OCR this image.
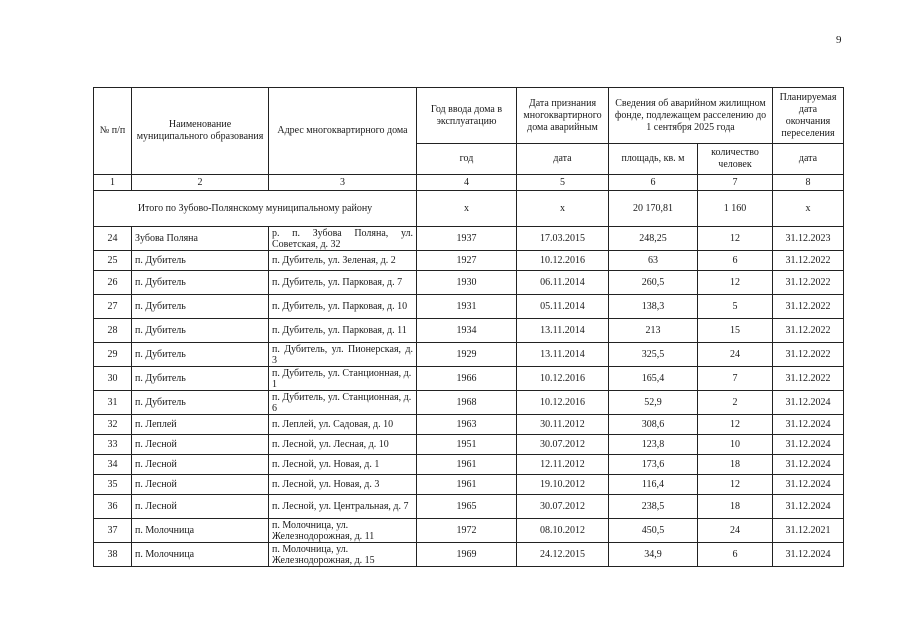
9
№ п/п	Наименование муниципального образования	Адрес многоквартирного дома	Год ввода дома в эксплуатацию	Дата признания многоквартирного дома аварийным	Сведения об аварийном жилищном фонде, подлежащем расселению до 1 сентября 2025 года		Планируемая дата окончания переселения
			год	дата	площадь, кв. м	количество человек	дата
1	2	3	4	5	6	7	8
Итого по Зубово-Полянскому муниципальному району			х	х	20 170,81	1 160	х
24	Зубова Поляна	р. п. Зубова Поляна, ул. Советская, д. 32	1937	17.03.2015	248,25	12	31.12.2023
25	п. Дубитель	п. Дубитель, ул. Зеленая, д. 2	1927	10.12.2016	63	6	31.12.2022
26	п. Дубитель	п. Дубитель, ул. Парковая, д. 7	1930	06.11.2014	260,5	12	31.12.2022
27	п. Дубитель	п. Дубитель, ул. Парковая, д. 10	1931	05.11.2014	138,3	5	31.12.2022
28	п. Дубитель	п. Дубитель, ул. Парковая, д. 11	1934	13.11.2014	213	15	31.12.2022
29	п. Дубитель	п. Дубитель, ул. Пионерская, д. 3	1929	13.11.2014	325,5	24	31.12.2022
30	п. Дубитель	п. Дубитель, ул. Станционная, д. 1	1966	10.12.2016	165,4	7	31.12.2022
31	п. Дубитель	п. Дубитель, ул. Станционная, д. 6	1968	10.12.2016	52,9	2	31.12.2024
32	п. Леплей	п. Леплей, ул. Садовая, д. 10	1963	30.11.2012	308,6	12	31.12.2024
33	п. Лесной	п. Лесной, ул. Лесная, д. 10	1951	30.07.2012	123,8	10	31.12.2024
34	п. Лесной	п. Лесной, ул. Новая, д. 1	1961	12.11.2012	173,6	18	31.12.2024
35	п. Лесной	п. Лесной, ул. Новая, д. 3	1961	19.10.2012	116,4	12	31.12.2024
36	п. Лесной	п. Лесной, ул. Центральная, д. 7	1965	30.07.2012	238,5	18	31.12.2024
37	п. Молочница	п. Молочница, ул. Железнодорожная, д. 11	1972	08.10.2012	450,5	24	31.12.2021
38	п. Молочница	п. Молочница, ул. Железнодорожная, д. 15	1969	24.12.2015	34,9	6	31.12.2024
